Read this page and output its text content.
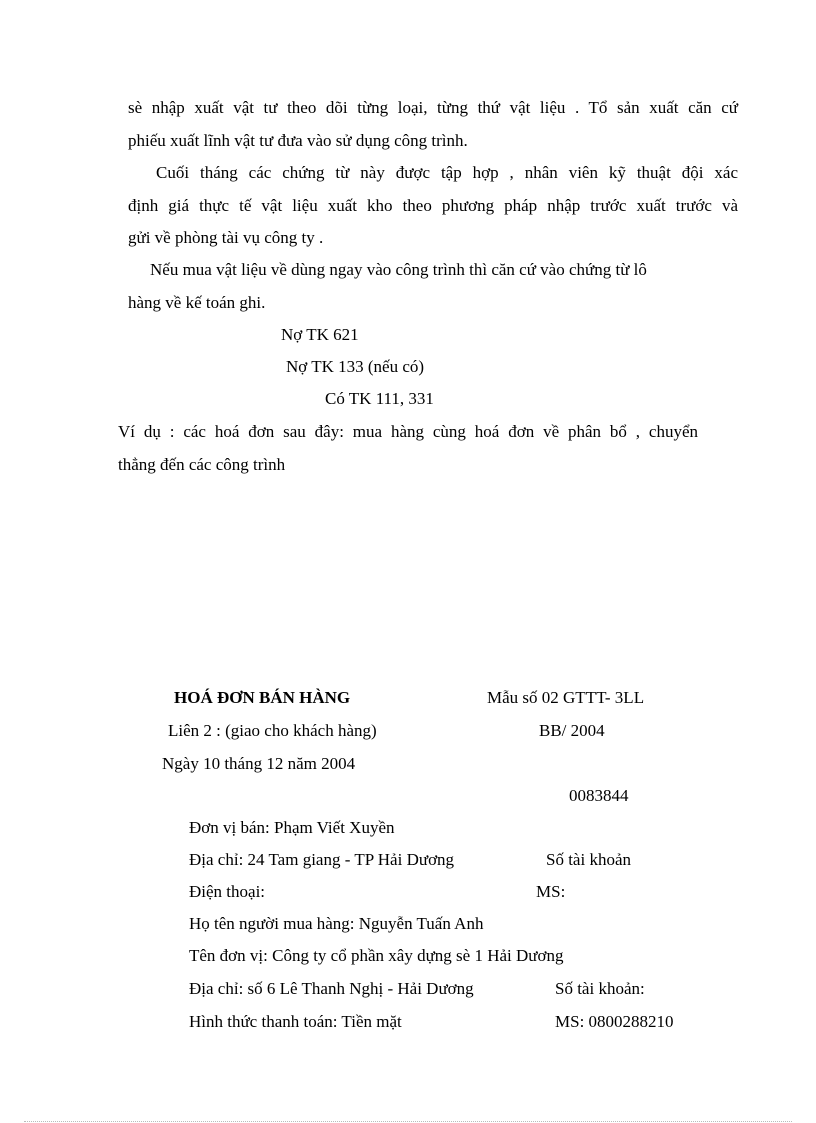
sè nhập xuất vật tư theo dõi từng loại, từng thứ vật liệu . Tổ sản xuất căn cứ
phiếu xuất lĩnh vật tư đưa vào sử dụng công trình.
Cuối tháng các chứng từ này được tập hợp , nhân viên kỹ thuật đội xác
định giá thực tế vật liệu xuất kho theo phương pháp nhập trước xuất trước và
gửi về phòng tài vụ công ty .
Nếu mua vật liệu về dùng ngay vào công trình thì căn cứ vào chứng từ lô
hàng về kế toán ghi.
Nợ TK 621
Nợ TK 133 (nếu có)
Có TK 111, 331
Ví dụ : các hoá đơn sau đây: mua hàng cùng hoá đơn về phân bổ , chuyển
thẳng đến các công trình
HOÁ ĐƠN BÁN HÀNG	Mẫu số 02 GTTT- 3LL
Liên 2 : (giao cho khách hàng)	BB/ 2004
Ngày 10 tháng 12 năm 2004
0083844
Đơn vị bán: Phạm Viết Xuyền
Địa chỉ: 24 Tam giang - TP Hải Dương	Số tài khoản
Điện thoại:	MS:
Họ tên người mua hàng: Nguyễn Tuấn Anh
Tên đơn vị: Công ty cổ phần xây dựng sè 1 Hải Dương
Địa chỉ: số 6 Lê Thanh Nghị - Hải Dương	Số tài khoản:
Hình thức thanh toán: Tiền mặt	MS: 0800288210
